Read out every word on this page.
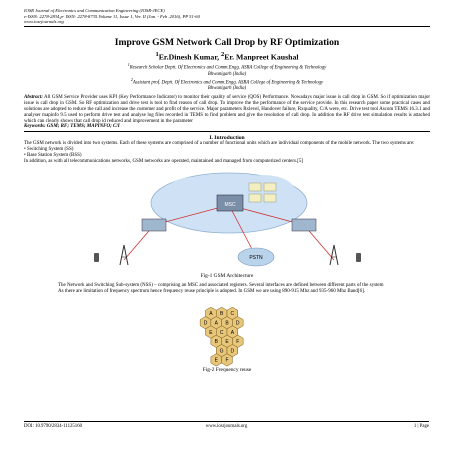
IOSR Journal of Electronics and Communication Engineering (IOSR-JECE)
e-ISSN: 2278-2834,p- ISSN: 2278-8735.Volume 11, Issue 1, Ver. II (Jan. - Feb .2016), PP 51-60
www.iosrjournals.org
Improve GSM Network Call Drop by RF Optimization
$^1$Er.Dinesh Kumar, $^2$Er. Manpreet Kaushal
$^1$Research Scholar Deptt. Of Electronics and Comm.Engg. ASRA College of Engineering & Technology
Bhwanigarh (India)
$^2$Assistant prof. Deptt. Of Electronics and Comm.Engg. ASRA College of Engineering & Technology
Bhwanigarh (India)
Abstract: All GSM Service Provider uses KPI (Key Performance Indicator) to monitor their quality of service (QOS) Performance. Nowadays major issue is call drop in GSM. So if optimization major issue is call drop in GSM. So RF optimization and drive test is tool to find reason of call drop. To improve the the performance of the service provide. In this research paper some practical cases and solutions are adopted to reduce the call and increase the customer and profit of the service. Major parameters Rxlevel, Handover failure, Rxquality, C/A were, etc. Drive test tool Ascom TEMS 16.3.1 and analyser mapinfo 9.5 used to perform drive test and analyse log files recorded in TEMS to find problem and give the resolution of call drop. In addition the RF drive test simulation results is attached which can clearly shows that call drop id reduced and improvement in the parameter
Keywords: GSM; RF; TEMS; MAPINFO; C/I
I. Introduction
The GSM network is divided into two systems. Each of these systems are comprised of a number of functional units which are individual components of the mobile network. The two systems are:
• Switching System (SS)
• Base Station System (BSS)
In addition, as with all telecommunications networks, GSM networks are operated, maintained and managed from computerized centers.[5]
MSC
PSTN
Fig-1 GSM Architecture
The Network and Switching Sub-system (NSS) – comprising an MSC and associated registers. Several interfaces are defined between different parts of the system
As there are limitation of frequency spectrum hence frequency reuse principle is adopted. In GSM we are using 890-915 Mhz and 935-960 Mhz Band[6].
A B C
D A B D
E C A
B E F
G D
E F
Fig-2 Frequency reuse
DOI: 10.9790/2834-11125160	www.iosrjournals.org	1 | Page
